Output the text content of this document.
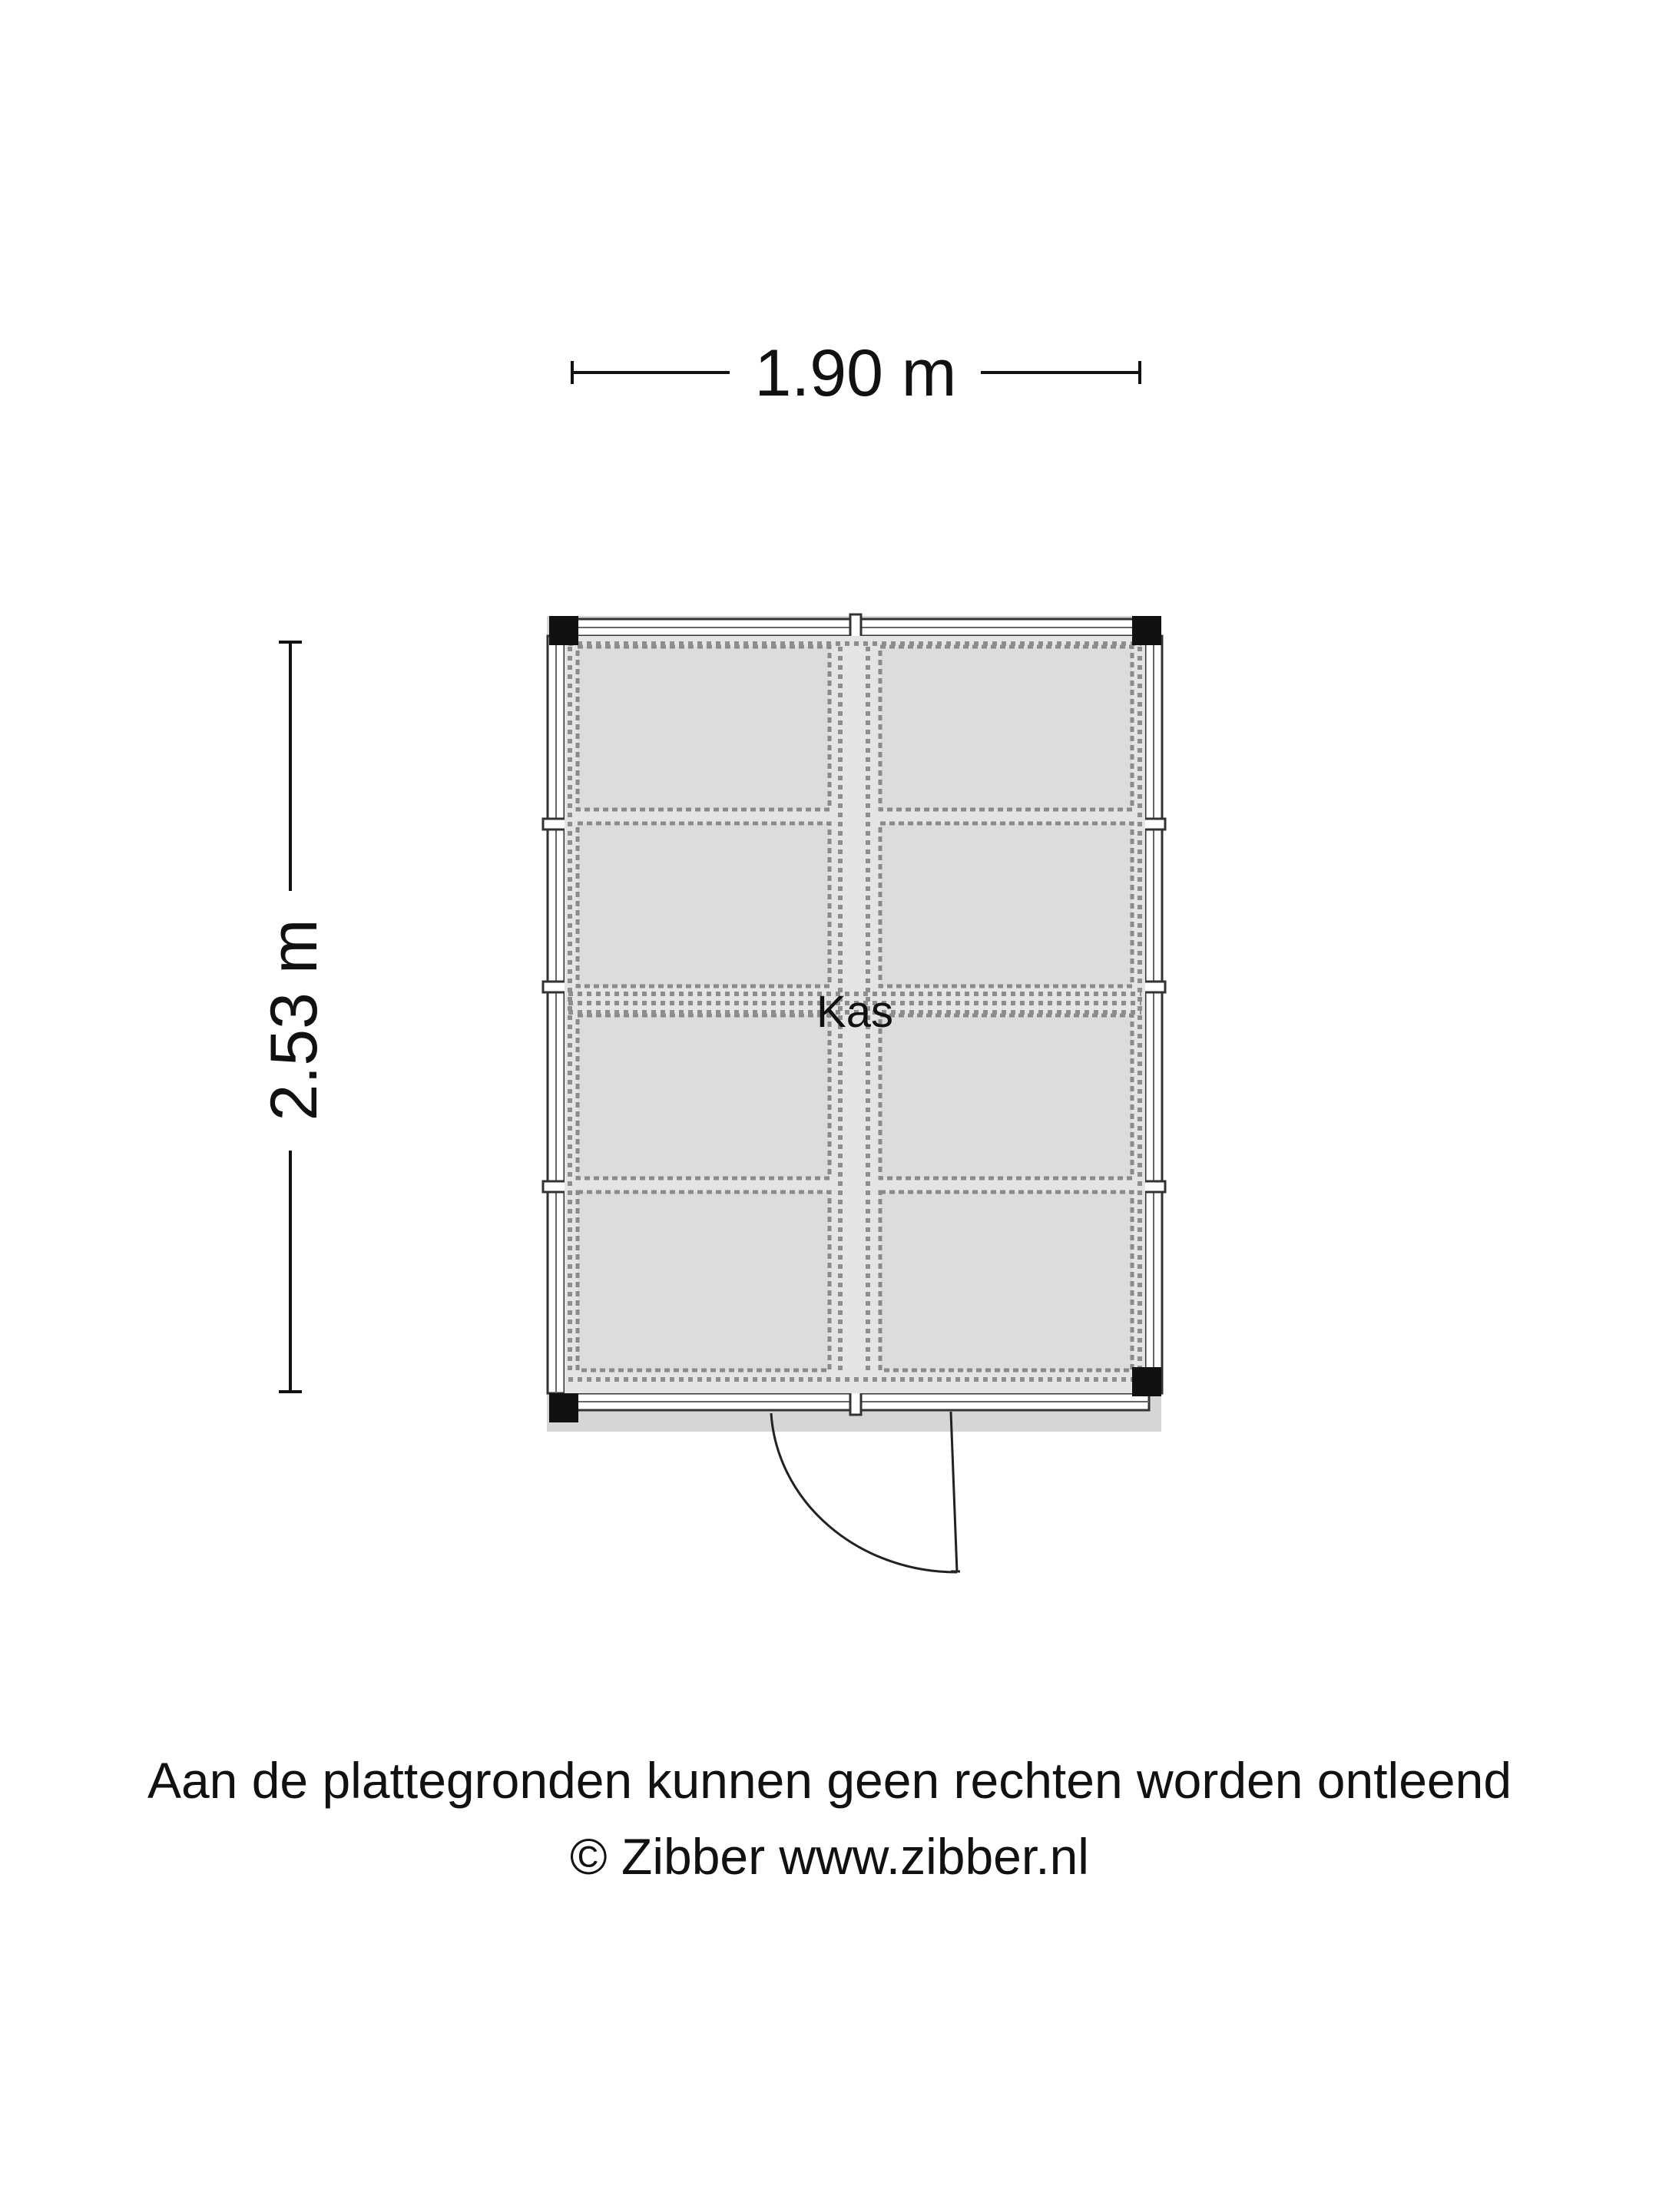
1.90 m
2.53 m	Kas
Aan de plattegronden kunnen geen rechten worden ontleend
© Zibber www.zibber.nl
